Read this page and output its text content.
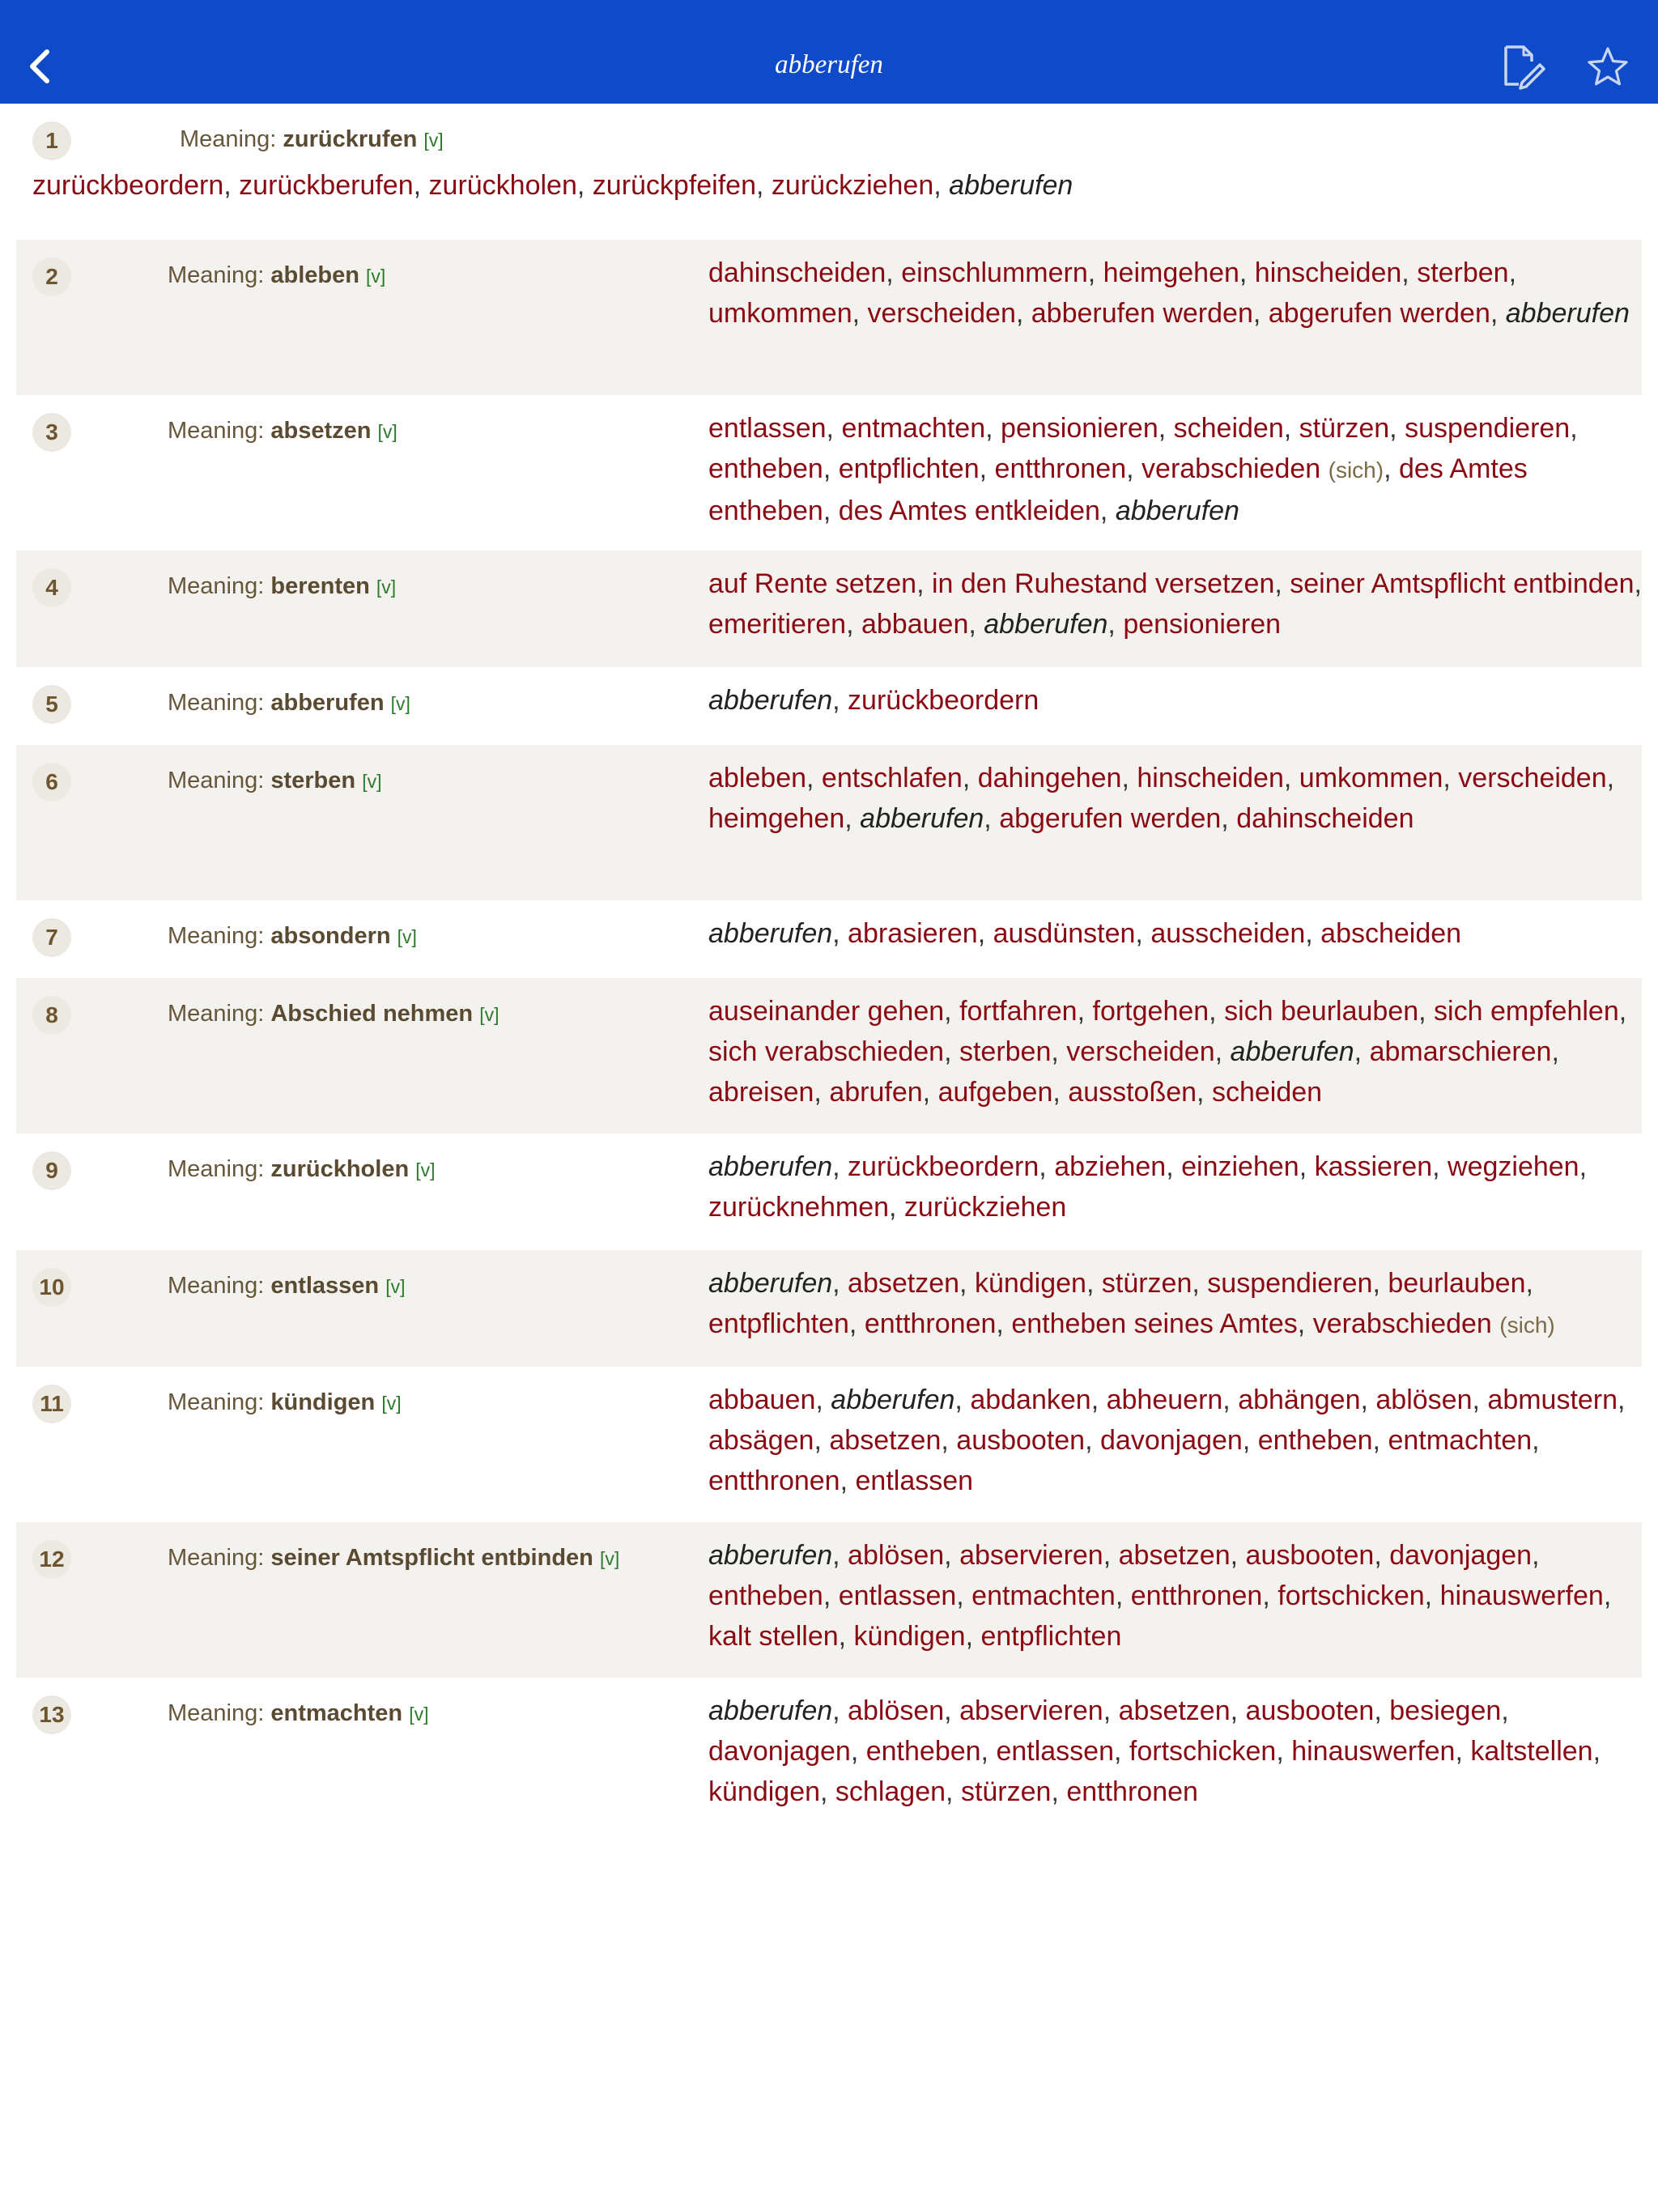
abberufen
1	Meaning: zurückrufen [v]
zurückbeordern, zurückberufen, zurückholen, zurückpfeifen, zurückziehen, abberufen
2	Meaning: ableben [v]	dahinscheiden, einschlummern, heimgehen, hinscheiden, sterben, umkommen, verscheiden, abberufen werden, abgerufen werden, abberufen
3	Meaning: absetzen [v]	entlassen, entmachten, pensionieren, scheiden, stürzen, suspendieren, entheben, entpflichten, entthronen, verabschieden (sich), des Amtes entheben, des Amtes entkleiden, abberufen
4	Meaning: berenten [v]	auf Rente setzen, in den Ruhestand versetzen, seiner Amtspflicht entbinden, emeritieren, abbauen, abberufen, pensionieren
5	Meaning: abberufen [v]	abberufen, zurückbeordern
6	Meaning: sterben [v]	ableben, entschlafen, dahingehen, hinscheiden, umkommen, verscheiden, heimgehen, abberufen, abgerufen werden, dahinscheiden
7	Meaning: absondern [v]	abberufen, abrasieren, ausdünsten, ausscheiden, abscheiden
8	Meaning: Abschied nehmen [v]	auseinander gehen, fortfahren, fortgehen, sich beurlauben, sich empfehlen, sich verabschieden, sterben, verscheiden, abberufen, abmarschieren, abreisen, abrufen, aufgeben, ausstoßen, scheiden
9	Meaning: zurückholen [v]	abberufen, zurückbeordern, abziehen, einziehen, kassieren, wegziehen, zurücknehmen, zurückziehen
10	Meaning: entlassen [v]	abberufen, absetzen, kündigen, stürzen, suspendieren, beurlauben, entpflichten, entthronen, entheben seines Amtes, verabschieden (sich)
11	Meaning: kündigen [v]	abbauen, abberufen, abdanken, abheuern, abhängen, ablösen, abmustern, absägen, absetzen, ausbooten, davonjagen, entheben, entmachten, entthronen, entlassen
12	Meaning: seiner Amtspflicht entbinden [v]	abberufen, ablösen, abservieren, absetzen, ausbooten, davonjagen, entheben, entlassen, entmachten, entthronen, fortschicken, hinauswerfen, kalt stellen, kündigen, entpflichten
13	Meaning: entmachten [v]	abberufen, ablösen, abservieren, absetzen, ausbooten, besiegen, davonjagen, entheben, entlassen, fortschicken, hinauswerfen, kaltstellen, kündigen, schlagen, stürzen, entthronen
